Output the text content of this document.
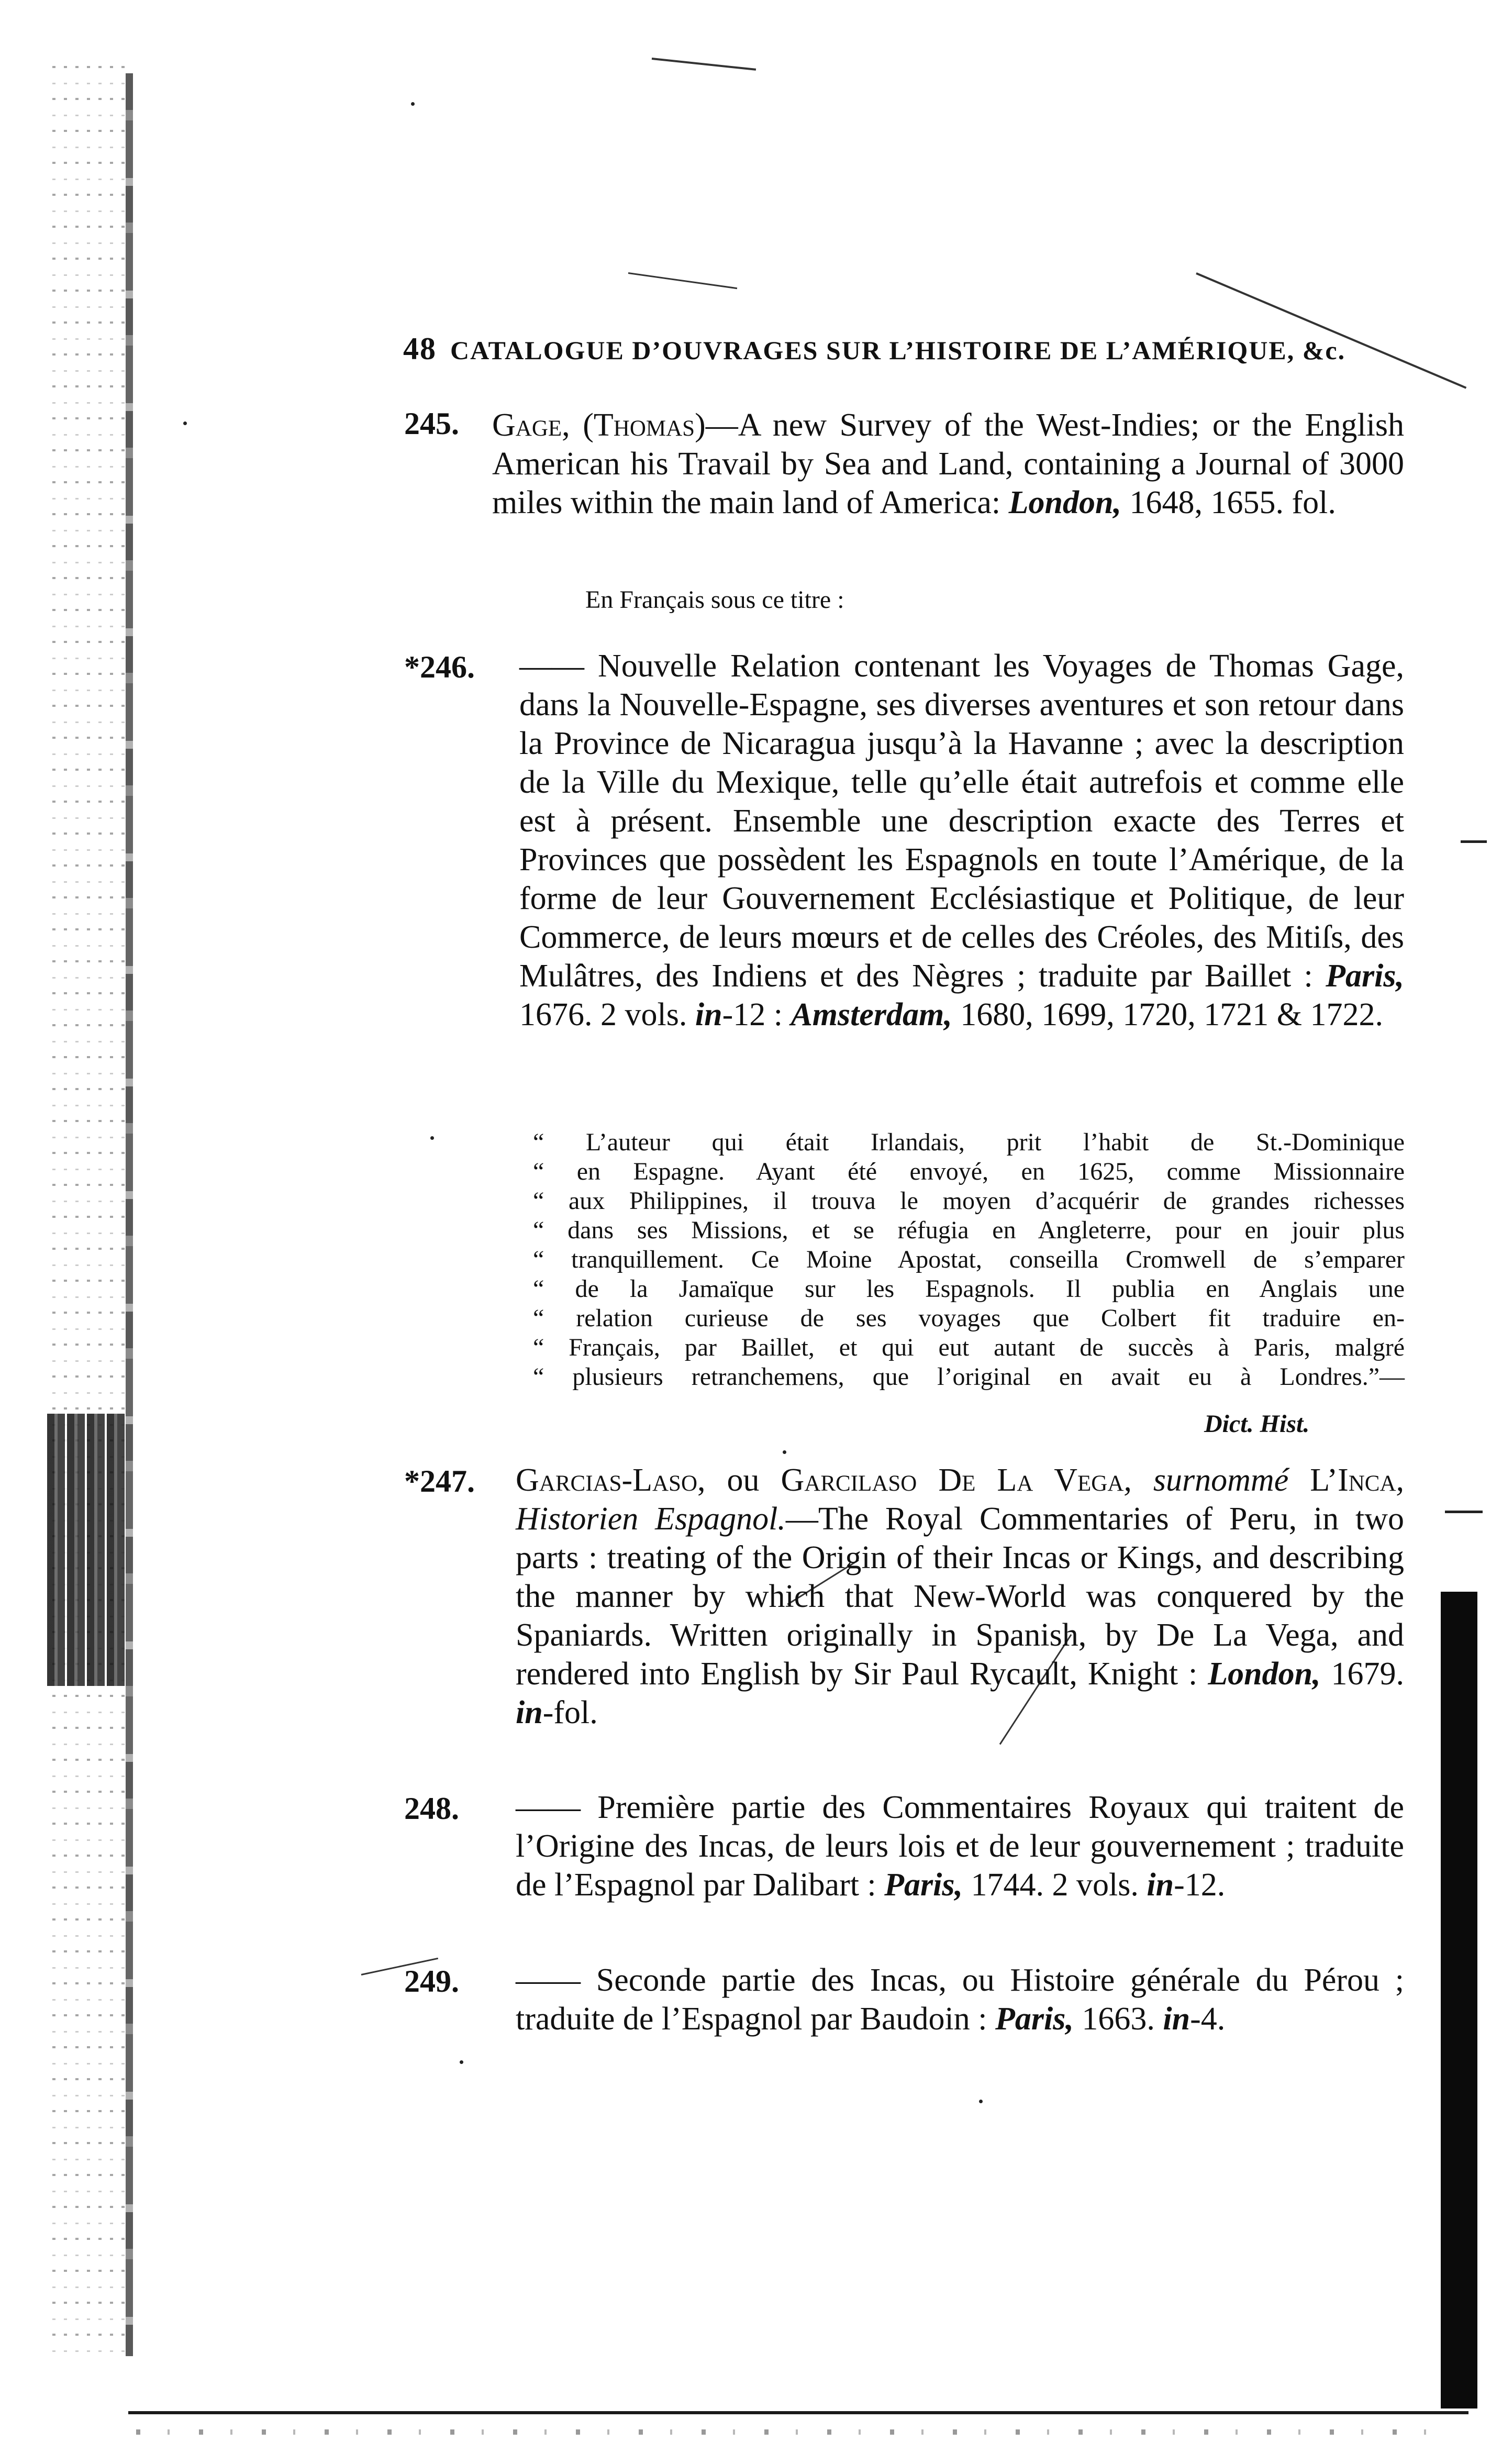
48 CATALOGUE D’OUVRAGES SUR L’HISTOIRE DE L’AMÉRIQUE, &c.
245. Gage, (Thomas)—A new Survey of the West-Indies; or the English American his Travail by Sea and Land, containing a Journal of 3000 miles within the main land of America: London, 1648, 1655. fol.
En Français sous ce titre :
*246. —— Nouvelle Relation contenant les Voyages de Thomas Gage, dans la Nouvelle-Espagne, ses diverses aventures et son retour dans la Province de Nicaragua jusqu’à la Havanne ; avec la description de la Ville du Mexique, telle qu’elle était autrefois et comme elle est à présent. Ensemble une description exacte des Terres et Provinces que possèdent les Espagnols en toute l’Amérique, de la forme de leur Gouvernement Ecclésiastique et Politique, de leur Commerce, de leurs mœurs et de celles des Créoles, des Mitiſs, des Mulâtres, des Indiens et des Nègres ; traduite par Baillet : Paris, 1676. 2 vols. in-12 : Amsterdam, 1680, 1699, 1720, 1721 & 1722.
“ L’auteur qui était Irlandais, prit l’habit de St.-Dominique
“ en Espagne. Ayant été envoyé, en 1625, comme Missionnaire
“ aux Philippines, il trouva le moyen d’acquérir de grandes richesses
“ dans ses Missions, et se réfugia en Angleterre, pour en jouir plus
“ tranquillement. Ce Moine Apostat, conseilla Cromwell de s’emparer
“ de la Jamaïque sur les Espagnols. Il publia en Anglais une
“ relation curieuse de ses voyages que Colbert fit traduire en-
“ Français, par Baillet, et qui eut autant de succès à Paris, malgré
“ plusieurs retranchemens, que l’original en avait eu à Londres.”—
Dict. Hist.
*247. Garcias-Laso, ou Garcilaso De La Vega, surnommé L’Inca, Historien Espagnol.—The Royal Commentaries of Peru, in two parts : treating of the Origin of their Incas or Kings, and describing the manner by which that New-World was conquered by the Spaniards. Written originally in Spanish, by De La Vega, and rendered into English by Sir Paul Rycault, Knight : London, 1679. in-fol.
248. —— Première partie des Commentaires Royaux qui traitent de l’Origine des Incas, de leurs lois et de leur gouvernement ; traduite de l’Espagnol par Dalibart : Paris, 1744. 2 vols. in-12.
249. —— Seconde partie des Incas, ou Histoire générale du Pérou ; traduite de l’Espagnol par Baudoin : Paris, 1663. in-4.
